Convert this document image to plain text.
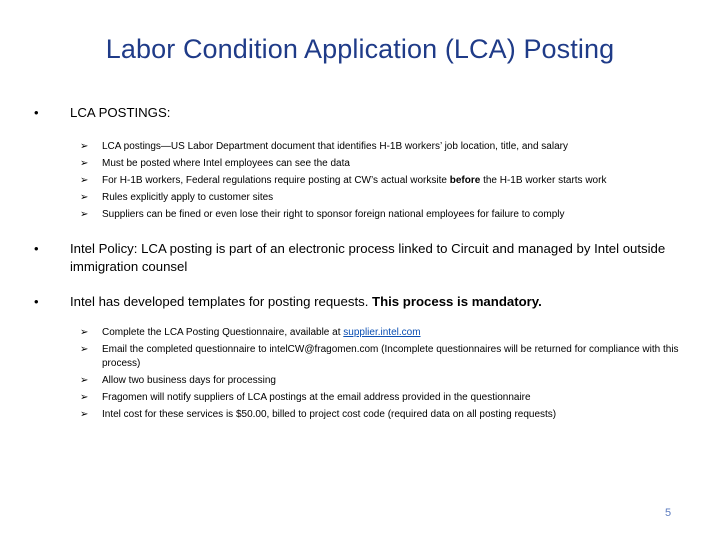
Labor Condition Application (LCA) Posting
• LCA POSTINGS:
➢ LCA postings—US Labor Department document that identifies H-1B workers’ job location, title, and salary
➢ Must be posted where Intel employees can see the data
➢ For H-1B workers, Federal regulations require posting at CW’s actual worksite before the H-1B worker starts work
➢ Rules explicitly apply to customer sites
➢ Suppliers can be fined or even lose their right to sponsor foreign national employees for failure to comply
• Intel Policy: LCA posting is part of an electronic process linked to Circuit and managed by Intel outside immigration counsel
• Intel has developed templates for posting requests. This process is mandatory.
➢ Complete the LCA Posting Questionnaire, available at supplier.intel.com
➢ Email the completed questionnaire to intelCW@fragomen.com (Incomplete questionnaires will be returned for compliance with this process)
➢ Allow two business days for processing
➢ Fragomen will notify suppliers of LCA postings at the email address provided in the questionnaire
➢ Intel cost for these services is $50.00, billed to project cost code (required data on all posting requests)
5
